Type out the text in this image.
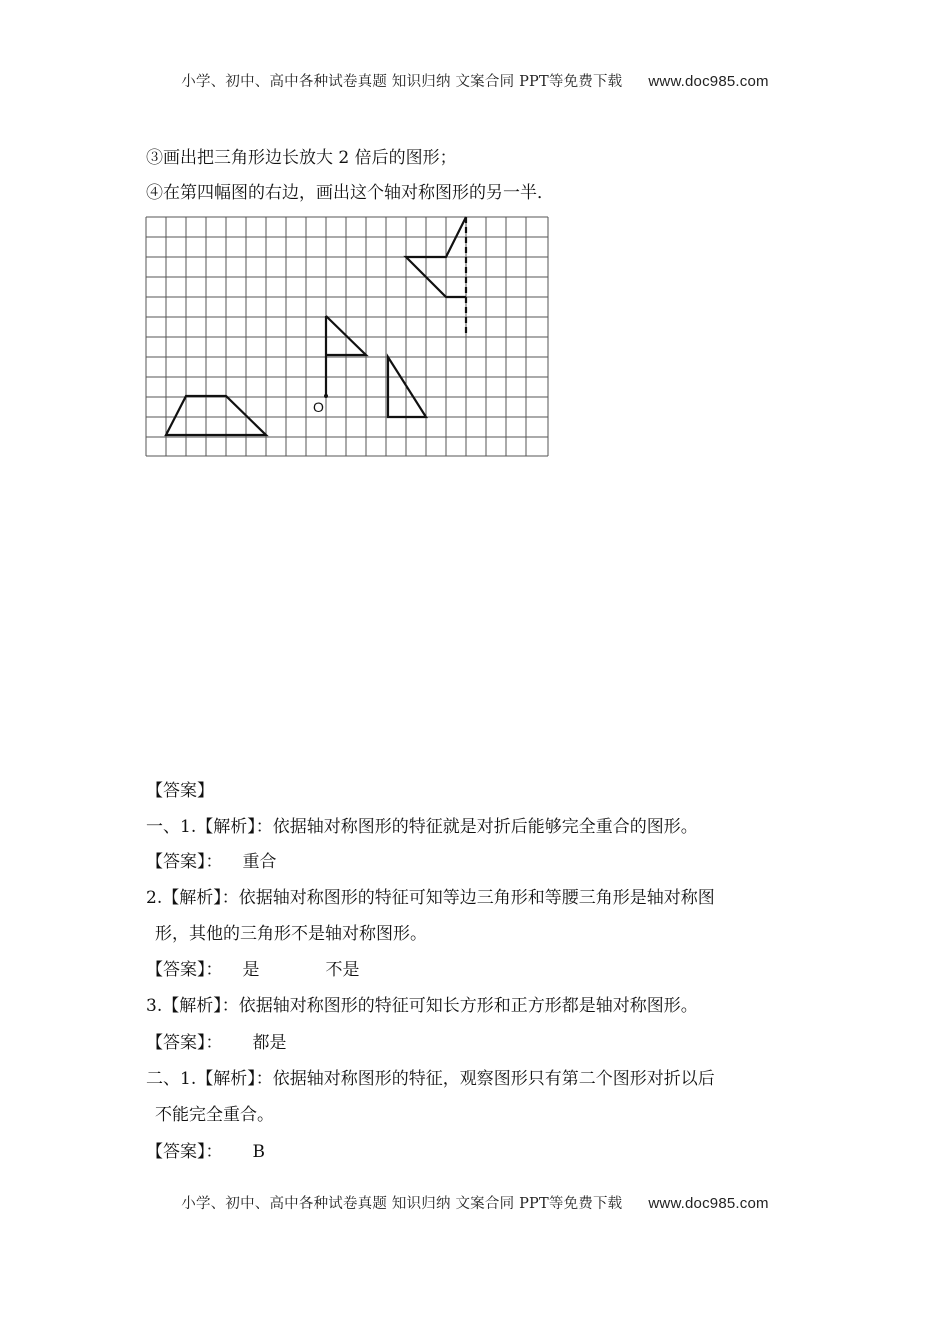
小学、初中、高中各种试卷真题 知识归纳 文案合同 PPT等免费下载 www.doc985.com
③画出把三角形边长放大 2 倍后的图形；
④在第四幅图的右边，画出这个轴对称图形的另一半．
O
【答案】
一、1.【解析】：依据轴对称图形的特征就是对折后能够完全重合的图形。
【答案】： 重合
2.【解析】：依据轴对称图形的特征可知等边三角形和等腰三角形是轴对称图
形，其他的三角形不是轴对称图形。
【答案】： 是	不是
3.【解析】：依据轴对称图形的特征可知长方形和正方形都是轴对称图形。
【答案】： 都是
二、1.【解析】：依据轴对称图形的特征，观察图形只有第二个图形对折以后
不能完全重合。
【答案】： B
小学、初中、高中各种试卷真题 知识归纳 文案合同 PPT等免费下载 www.doc985.com
